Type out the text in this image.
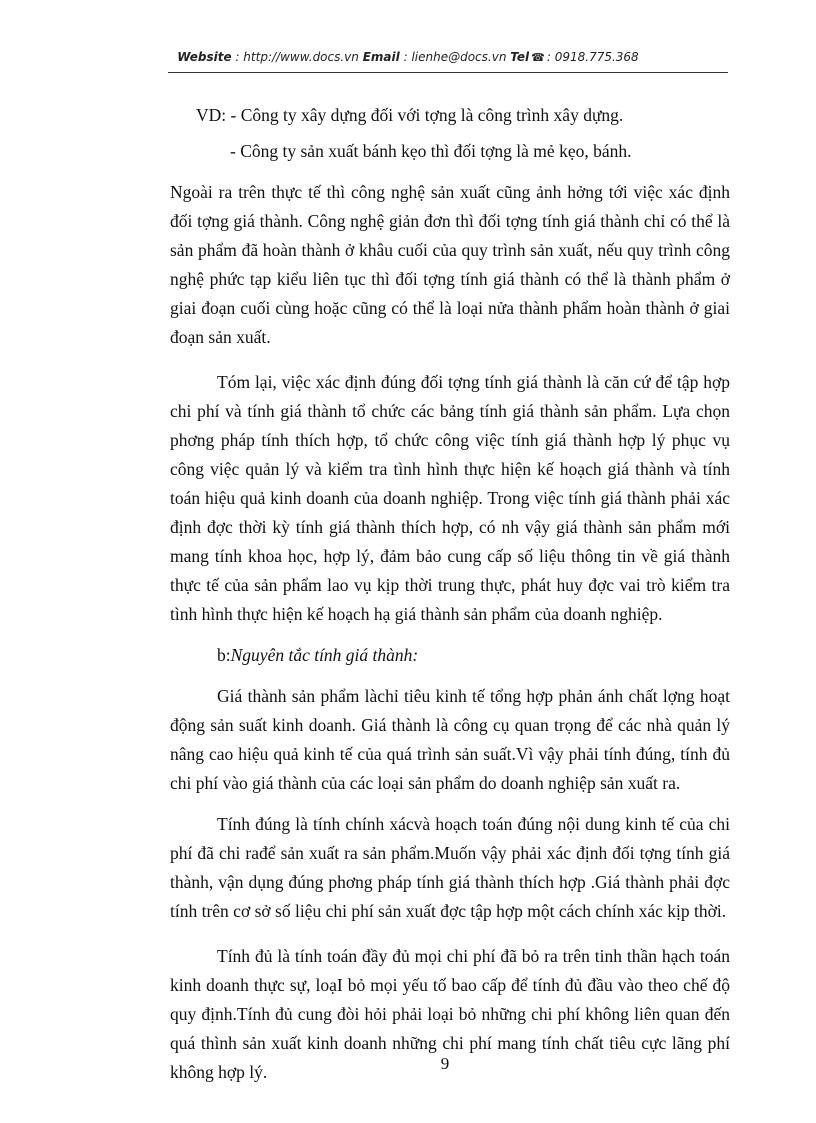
Website : http://www.docs.vn Email : lienhe@docs.vn Tel ☎ : 0918.775.368

VD: - Công ty xây dựng đối với tợng là công trình xây dựng.

- Công ty sản xuất bánh kẹo thì đối tợng là mẻ kẹo, bánh.

Ngoài ra trên thực tế thì công nghệ sản xuất cũng ảnh hởng tới việc xác định đối tợng giá thành. Công nghệ giản đơn thì đối tợng tính giá thành chỉ có thể là sản phẩm đã hoàn thành ở khâu cuối của quy trình sản xuất, nếu quy trình công nghệ phức tạp kiểu liên tục thì đối tợng tính giá thành có thể là thành phẩm ở giai đoạn cuối cùng hoặc cũng có thể là loại nửa thành phẩm hoàn thành ở giai đoạn sản xuất.

Tóm lại, việc xác định đúng đối tợng tính giá thành là căn cứ để tập hợp chi phí và tính giá thành tổ chức các bảng tính giá thành sản phẩm. Lựa chọn phơng pháp tính thích hợp, tổ chức công việc tính giá thành hợp lý phục vụ công việc quản lý và kiểm tra tình hình thực hiện kế hoạch giá thành và tính toán hiệu quả kinh doanh của doanh nghiệp. Trong việc tính giá thành phải xác định đợc thời kỳ tính giá thành thích hợp, có nh vậy giá thành sản phẩm mới mang tính khoa học, hợp lý, đảm bảo cung cấp số liệu thông tin về giá thành thực tế của sản phẩm lao vụ kịp thời trung thực, phát huy đợc vai trò kiểm tra tình hình thực hiện kế hoạch hạ giá thành sản phẩm của doanh nghiệp.

b:Nguyên tắc tính giá thành:

Giá thành sản phẩm làchỉ tiêu kinh tế tổng hợp phản ánh chất lợng hoạt động sản suất kinh doanh. Giá thành là công cụ quan trọng để các nhà quản lý nâng cao hiệu quả kinh tế của quá trình sản suất.Vì vậy phải tính đúng, tính đủ chi phí vào giá thành của các loại sản phẩm do doanh nghiệp sản xuất ra.

Tính đúng là tính chính xácvà hoạch toán đúng nội dung kinh tế của chi phí đã chi rađể sản xuất ra sản phẩm.Muốn vậy phải xác định đối tợng tính giá thành, vận dụng đúng phơng pháp tính giá thành thích hợp .Giá thành phải đợc tính trên cơ sở số liệu chi phí sản xuất đợc tập hợp một cách chính xác kịp thời.

Tính đủ là tính toán đầy đủ mọi chi phí đã bỏ ra trên tinh thần hạch toán kinh doanh thực sự, loạI bỏ mọi yếu tố bao cấp để tính đủ đầu vào theo chế độ quy định.Tính đủ cung đòi hỏi phải loại bỏ những chi phí không liên quan đến quá thình sản xuất kinh doanh những chi phí mang tính chất tiêu cực lãng phí không hợp lý.	9
